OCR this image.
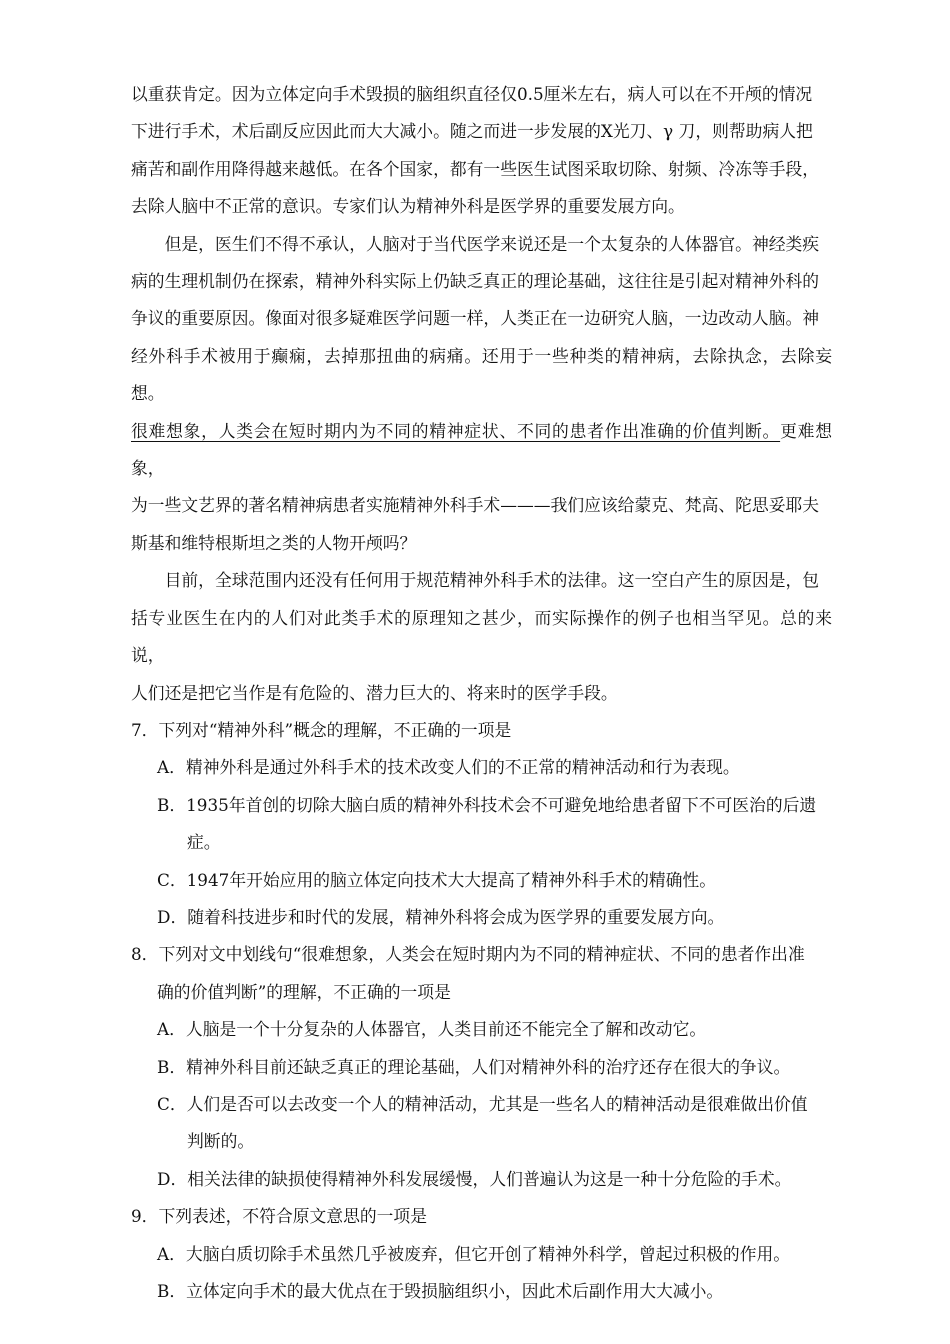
以重获肯定。因为立体定向手术毁损的脑组织直径仅0.5厘米左右，病人可以在不开颅的情况
下进行手术，术后副反应因此而大大减小。随之而进一步发展的X光刀、γ 刀，则帮助病人把
痛苦和副作用降得越来越低。在各个国家，都有一些医生试图采取切除、射频、冷冻等手段，
去除人脑中不正常的意识。专家们认为精神外科是医学界的重要发展方向。

但是，医生们不得不承认，人脑对于当代医学来说还是一个太复杂的人体器官。神经类疾
病的生理机制仍在探索，精神外科实际上仍缺乏真正的理论基础，这往往是引起对精神外科的
争议的重要原因。像面对很多疑难医学问题一样，人类正在一边研究人脑，一边改动人脑。神
经外科手术被用于癫痫，去掉那扭曲的病痛。还用于一些种类的精神病，去除执念，去除妄想。
很难想象，人类会在短时期内为不同的精神症状、不同的患者作出准确的价值判断。更难想象，
为一些文艺界的著名精神病患者实施精神外科手术———我们应该给蒙克、梵高、陀思妥耶夫
斯基和维特根斯坦之类的人物开颅吗？

目前，全球范围内还没有任何用于规范精神外科手术的法律。这一空白产生的原因是，包
括专业医生在内的人们对此类手术的原理知之甚少，而实际操作的例子也相当罕见。总的来说，
人们还是把它当作是有危险的、潜力巨大的、将来时的医学手段。

7．下列对“精神外科”概念的理解，不正确的一项是
A．精神外科是通过外科手术的技术改变人们的不正常的精神活动和行为表现。
B．1935年首创的切除大脑白质的精神外科技术会不可避免地给患者留下不可医治的后遗
症。
C．1947年开始应用的脑立体定向技术大大提高了精神外科手术的精确性。
D．随着科技进步和时代的发展，精神外科将会成为医学界的重要发展方向。
8．下列对文中划线句“很难想象，人类会在短时期内为不同的精神症状、不同的患者作出准
确的价值判断”的理解，不正确的一项是
A．人脑是一个十分复杂的人体器官，人类目前还不能完全了解和改动它。
B．精神外科目前还缺乏真正的理论基础，人们对精神外科的治疗还存在很大的争议。
C．人们是否可以去改变一个人的精神活动，尤其是一些名人的精神活动是很难做出价值
判断的。
D．相关法律的缺损使得精神外科发展缓慢，人们普遍认为这是一种十分危险的手术。
9．下列表述，不符合原文意思的一项是
A．大脑白质切除手术虽然几乎被废弃，但它开创了精神外科学，曾起过积极的作用。
B．立体定向手术的最大优点在于毁损脑组织小，因此术后副作用大大减小。
